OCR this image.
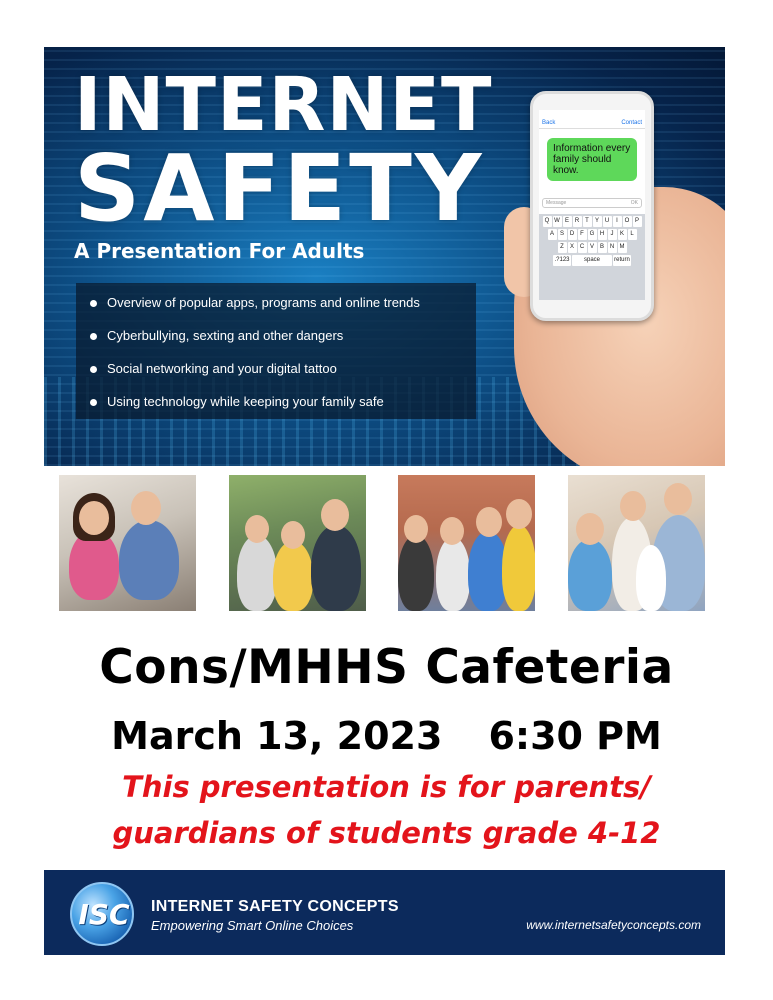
INTERNET
SAFETY
A Presentation For Adults
Overview of popular apps, programs and online trends
Cyberbullying, sexting and other dangers
Social networking and your digital tattoo
Using technology while keeping your family safe
Back	Contact
Information every family should know.
Message	OK
Q W E R T	Y U	I	O P
A S D F G H	J	K	L
Z	X C V B N M
.?123	space	return
Cons/MHHS Cafeteria
March 13, 2023 6:30 PM
This presentation is for parents/
guardians of students grade 4-12
ISC	INTERNET SAFETY CONCEPTS
Empowering Smart Online Choices	www.internetsafetyconcepts.com
